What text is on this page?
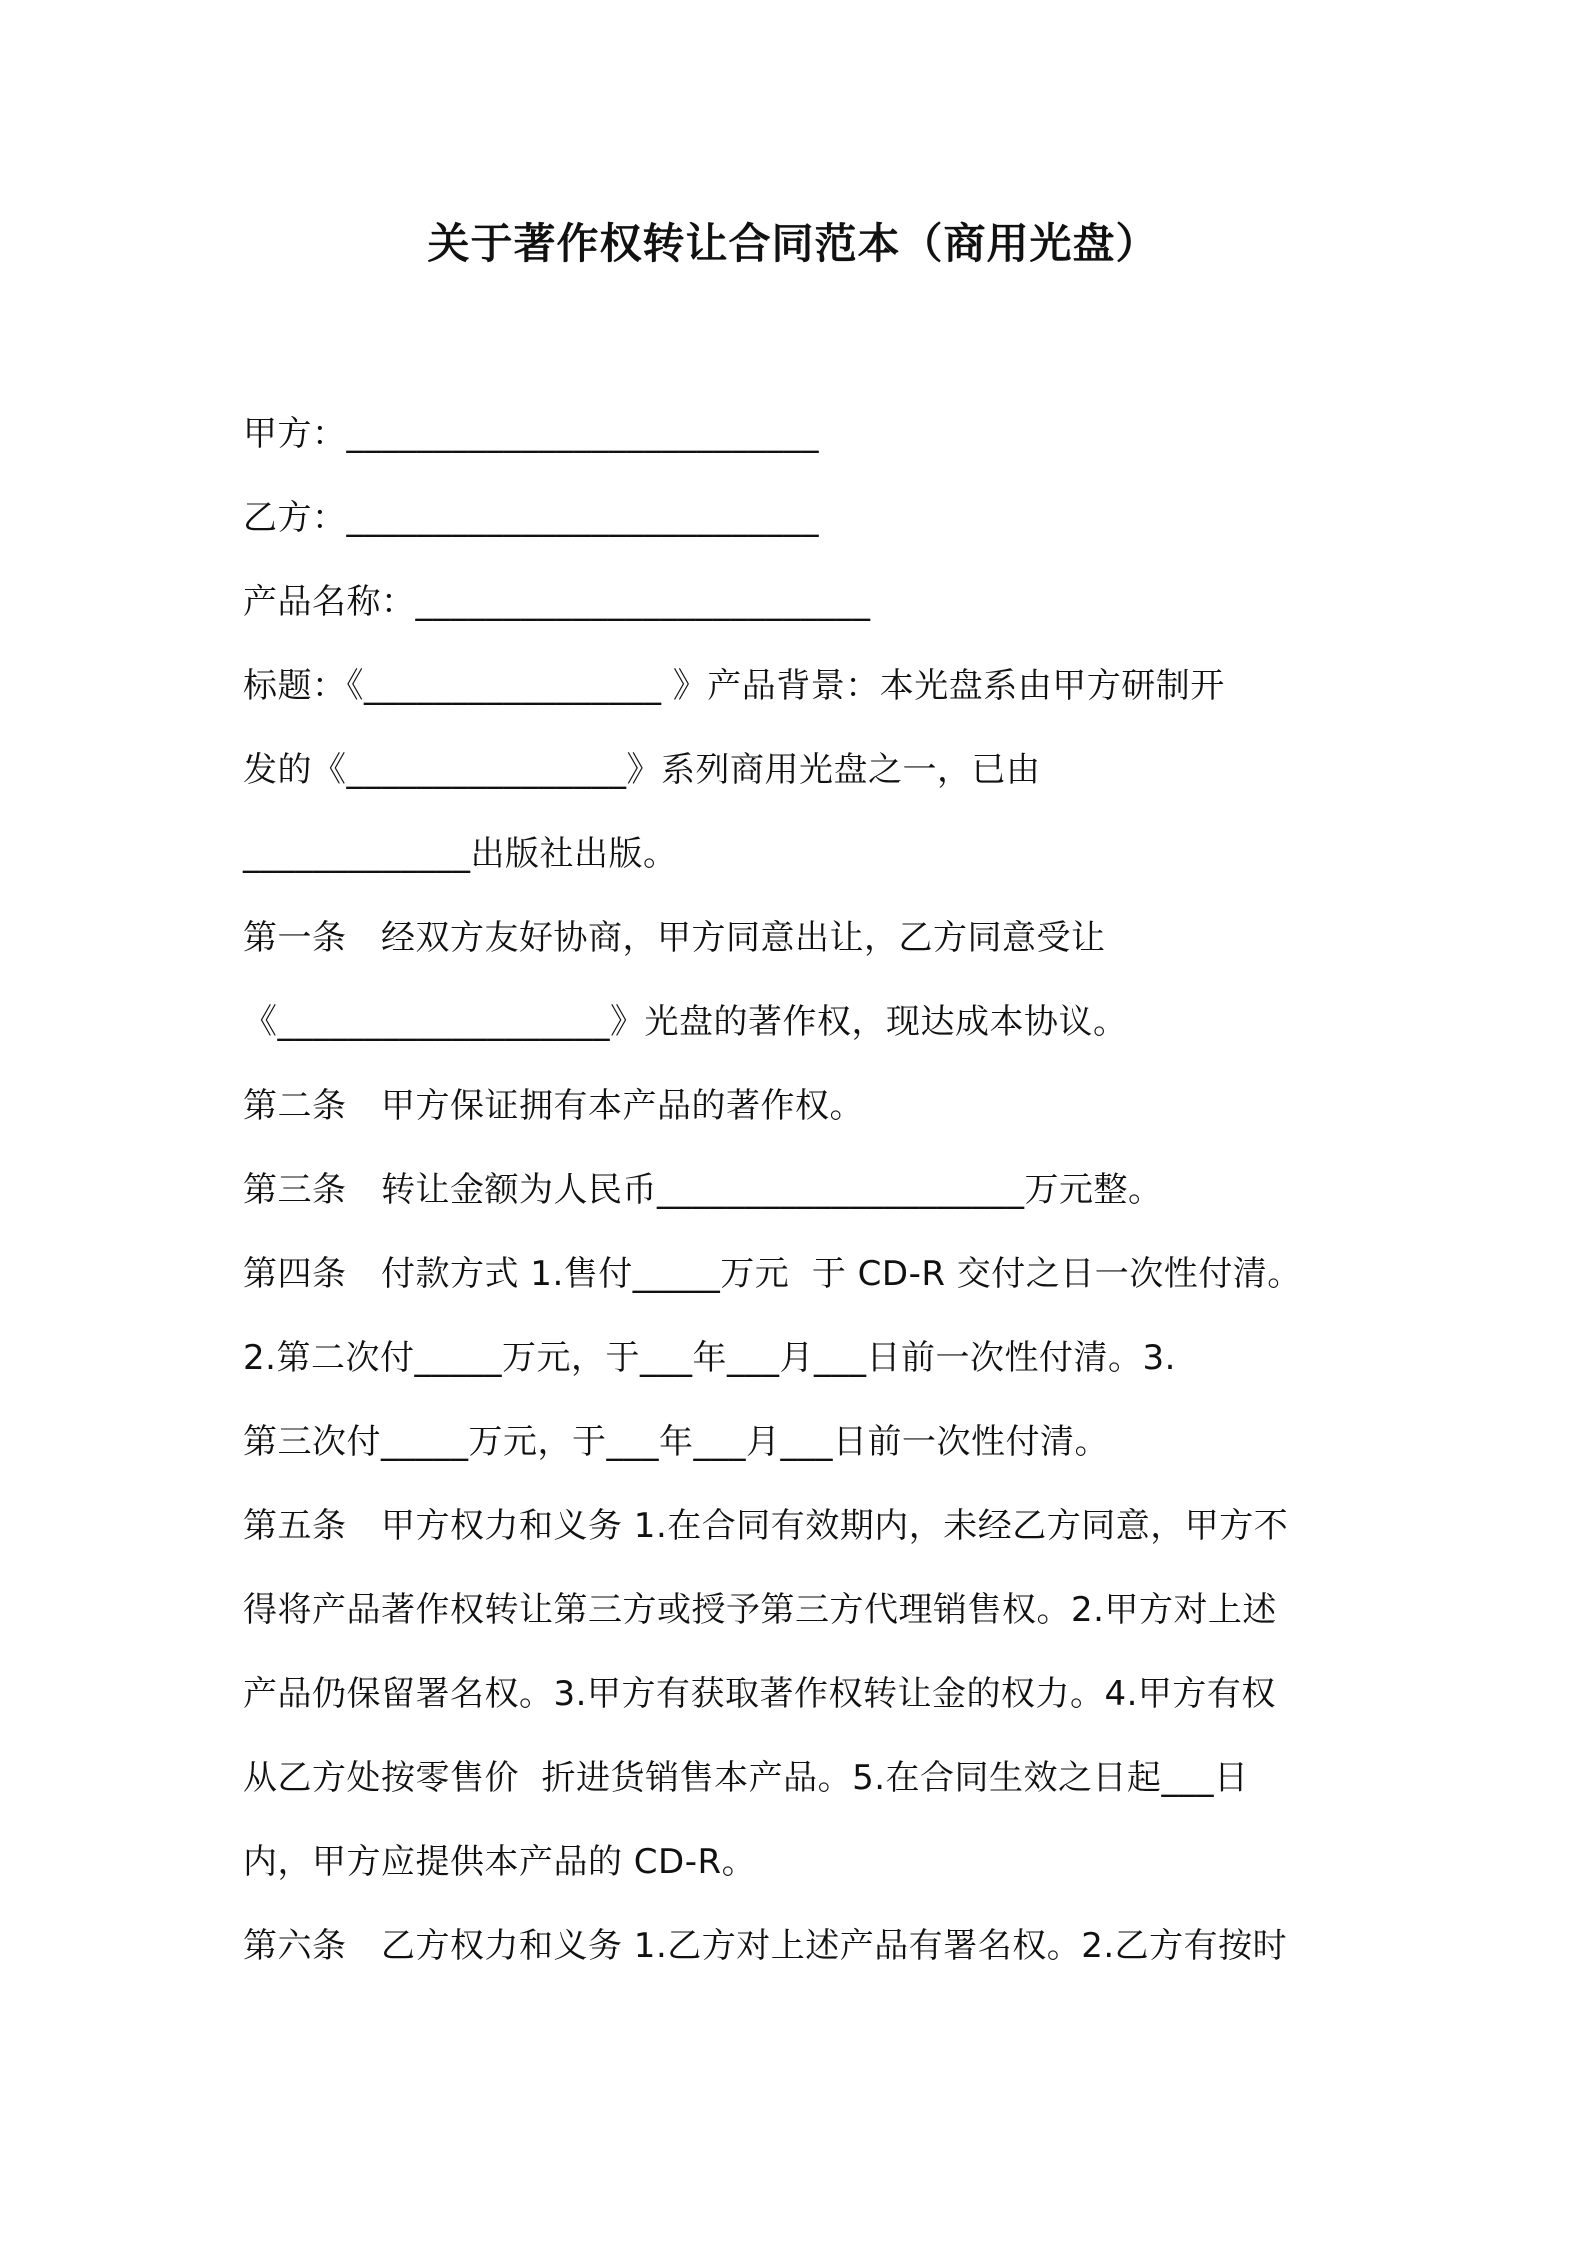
关于著作权转让合同范本（商用光盘）
甲方：___________________________
乙方：___________________________
产品名称：__________________________
标题：《_________________ 》产品背景：本光盘系由甲方研制开
发的《________________》系列商用光盘之一，已由
_____________出版社出版。
第一条　经双方友好协商，甲方同意出让，乙方同意受让
《___________________》光盘的著作权，现达成本协议。
第二条　甲方保证拥有本产品的著作权。
第三条　转让金额为人民币_____________________万元整。
第四条　付款方式 1.售付_____万元  于 CD-R 交付之日一次性付清。
2.第二次付_____万元，于___年___月___日前一次性付清。3.
第三次付_____万元，于___年___月___日前一次性付清。
第五条　甲方权力和义务 1.在合同有效期内，未经乙方同意，甲方不
得将产品著作权转让第三方或授予第三方代理销售权。2.甲方对上述
产品仍保留署名权。3.甲方有获取著作权转让金的权力。4.甲方有权
从乙方处按零售价  折进货销售本产品。5.在合同生效之日起___日
内，甲方应提供本产品的 CD-R。
第六条　乙方权力和义务 1.乙方对上述产品有署名权。2.乙方有按时
